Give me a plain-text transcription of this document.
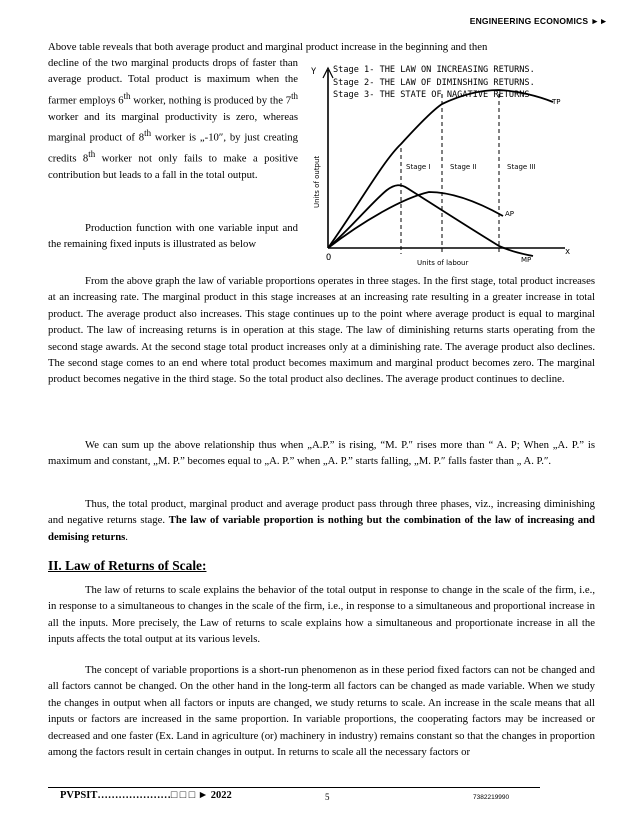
ENGINEERING ECONOMICS ►►

Above table reveals that both average product and marginal product increase in the beginning and then

decline of the two marginal products drops of faster than average product. Total product is maximum when the farmer employs 6th worker, nothing is produced by the 7th worker and its marginal productivity is zero, whereas marginal product of 8th worker is „-10″, by just creating credits 8th worker not only fails to make a positive contribution but leads to a fall in the total output.

Production function with one variable input and the remaining fixed inputs is illustrated as below

Y
x
O
Stage 1- THE LAW ON INCREASING RETURNS.
Stage 2- THE LAW OF DIMINSHING RETURNS.
Stage 3- THE STATE OF NAGATIVE RETURNS
Stage I	Stage II	Stage III
TP
AP
MP
Units of labour
Units of output

From the above graph the law of variable proportions operates in three stages. In the first stage, total product increases at an increasing rate. The marginal product in this stage increases at an increasing rate resulting in a greater increase in total product. The average product also increases. This stage continues up to the point where average product is equal to marginal product. The law of increasing returns is in operation at this stage. The law of diminishing returns starts operating from the second stage awards. At the second stage total product increases only at a diminishing rate. The average product also declines. The second stage comes to an end where total product becomes maximum and marginal product becomes zero. The marginal product becomes negative in the third stage. So the total product also declines. The average product continues to decline.

We can sum up the above relationship thus when „A.P.” is rising, “M. P.″ rises more than “ A. P; When „A. P.” is maximum and constant, „M. P.” becomes equal to „A. P.” when „A. P.” starts falling, „M. P.″ falls faster than „ A. P.″.

Thus, the total product, marginal product and average product pass through three phases, viz., increasing diminishing and negative returns stage. The law of variable proportion is nothing but the combination of the law of increasing and demising returns.

II. Law of Returns of Scale:

The law of returns to scale explains the behavior of the total output in response to change in the scale of the firm, i.e., in response to a simultaneous to changes in the scale of the firm, i.e., in response to a simultaneous and proportional increase in all the inputs. More precisely, the Law of returns to scale explains how a simultaneous and proportionate increase in all the inputs affects the total output at its various levels.

The concept of variable proportions is a short-run phenomenon as in these period fixed factors can not be changed and all factors cannot be changed. On the other hand in the long-term all factors can be changed as made variable. When we study the changes in output when all factors or inputs are changed, we study returns to scale. An increase in the scale means that all inputs or factors are increased in the same proportion. In variable proportions, the cooperating factors may be increased or decreased and one faster (Ex. Land in agriculture (or) machinery in industry) remains constant so that the changes in proportion among the factors result in certain changes in output. In returns to scale all the necessary factors or

PVPSIT…………………□ □ □ ► 2022	5	7382219990
